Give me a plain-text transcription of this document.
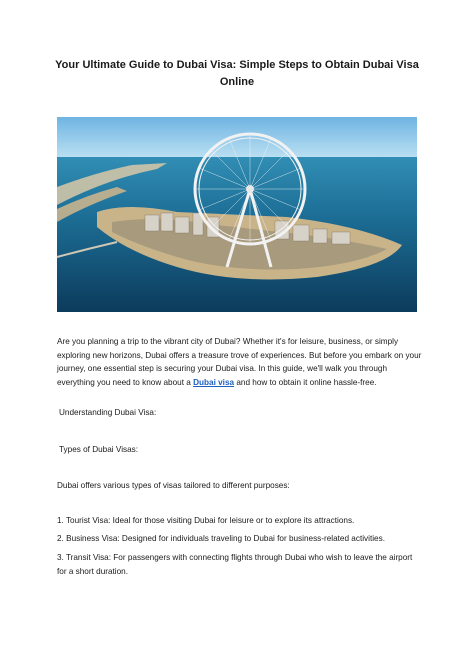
Your Ultimate Guide to Dubai Visa: Simple Steps to Obtain Dubai Visa Online
Are you planning a trip to the vibrant city of Dubai? Whether it's for leisure, business, or simply exploring new horizons, Dubai offers a treasure trove of experiences. But before you embark on your journey, one essential step is securing your Dubai visa. In this guide, we'll walk you through everything you need to know about a Dubai visa and how to obtain it online hassle-free.
Understanding Dubai Visa:
Types of Dubai Visas:
Dubai offers various types of visas tailored to different purposes:
1. Tourist Visa: Ideal for those visiting Dubai for leisure or to explore its attractions.
2. Business Visa: Designed for individuals traveling to Dubai for business-related activities.
3. Transit Visa: For passengers with connecting flights through Dubai who wish to leave the airport for a short duration.
